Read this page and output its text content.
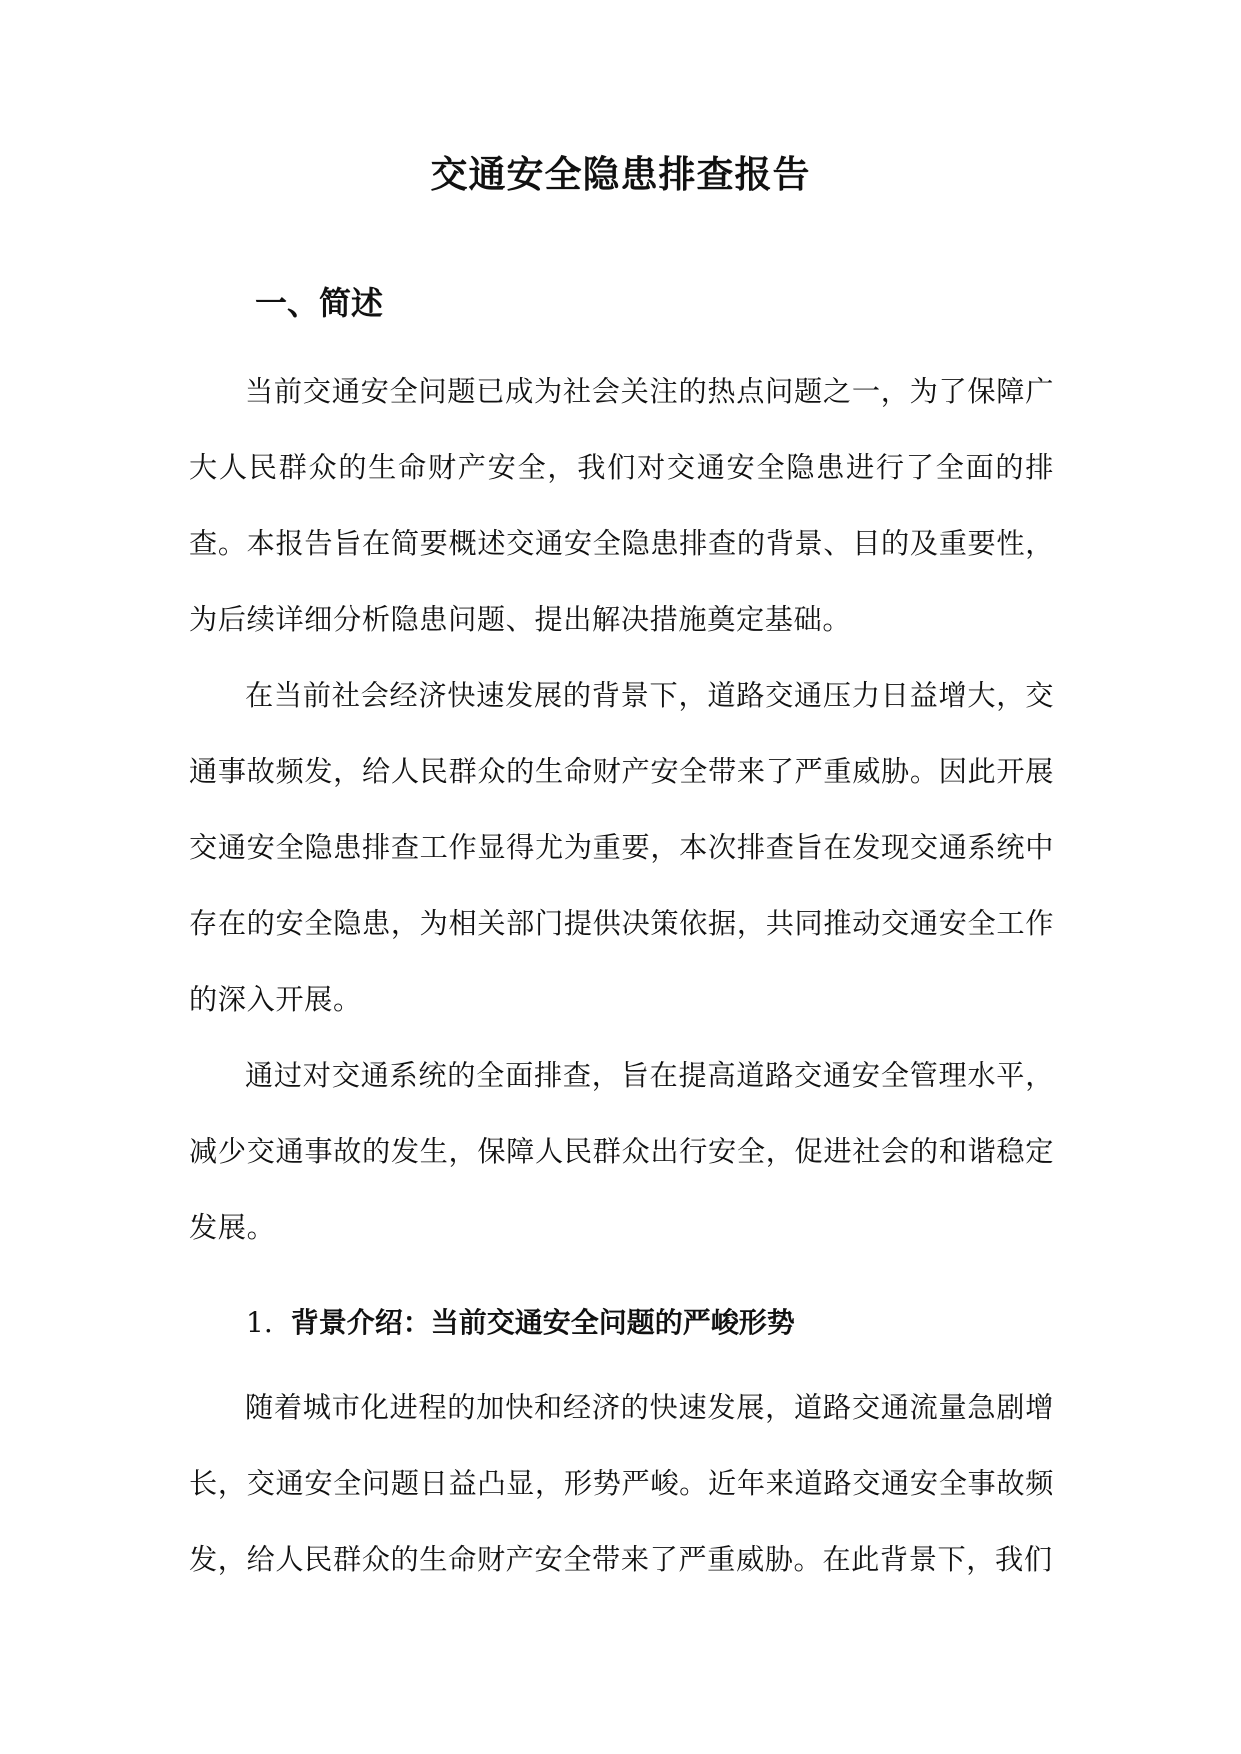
交通安全隐患排查报告
一、简述

当前交通安全问题已成为社会关注的热点问题之一，为了保障广大人民群众的生命财产安全，我们对交通安全隐患进行了全面的排查。本报告旨在简要概述交通安全隐患排查的背景、目的及重要性，为后续详细分析隐患问题、提出解决措施奠定基础。

在当前社会经济快速发展的背景下，道路交通压力日益增大，交通事故频发，给人民群众的生命财产安全带来了严重威胁。因此开展交通安全隐患排查工作显得尤为重要，本次排查旨在发现交通系统中存在的安全隐患，为相关部门提供决策依据，共同推动交通安全工作的深入开展。

通过对交通系统的全面排查，旨在提高道路交通安全管理水平，减少交通事故的发生，保障人民群众出行安全，促进社会的和谐稳定发展。

1. 背景介绍：当前交通安全问题的严峻形势

随着城市化进程的加快和经济的快速发展，道路交通流量急剧增长，交通安全问题日益凸显，形势严峻。近年来道路交通安全事故频发，给人民群众的生命财产安全带来了严重威胁。在此背景下，我们
